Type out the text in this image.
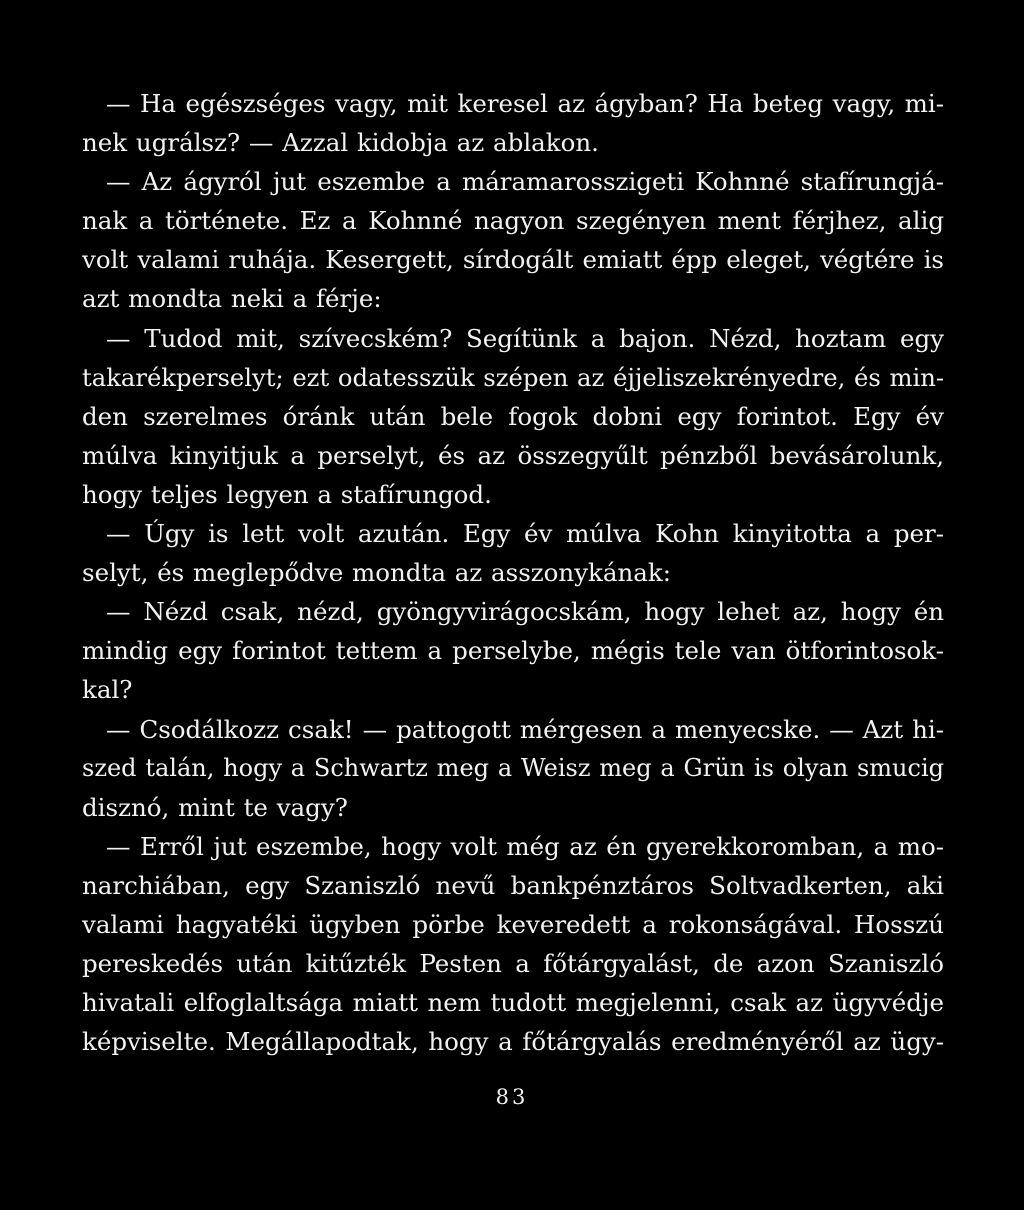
— Ha egészséges vagy, mit keresel az ágyban? Ha beteg vagy, mi-
nek ugrálsz? — Azzal kidobja az ablakon.
— Az ágyról jut eszembe a máramarosszigeti Kohnné stafírungjá-
nak a története. Ez a Kohnné nagyon szegényen ment férjhez, alig
volt valami ruhája. Kesergett, sírdogált emiatt épp eleget, végtére is
azt mondta neki a férje:
— Tudod mit, szívecském? Segítünk a bajon. Nézd, hoztam egy
takarékperselyt; ezt odatesszük szépen az éjjeliszekrényedre, és min-
den szerelmes óránk után bele fogok dobni egy forintot. Egy év
múlva kinyitjuk a perselyt, és az összegyűlt pénzből bevásárolunk,
hogy teljes legyen a stafírungod.
— Úgy is lett volt azután. Egy év múlva Kohn kinyitotta a per-
selyt, és meglepődve mondta az asszonykának:
— Nézd csak, nézd, gyöngyvirágocskám, hogy lehet az, hogy én
mindig egy forintot tettem a perselybe, mégis tele van ötforintosok-
kal?
— Csodálkozz csak! — pattogott mérgesen a menyecske. — Azt hi-
szed talán, hogy a Schwartz meg a Weisz meg a Grün is olyan smucig
disznó, mint te vagy?
— Erről jut eszembe, hogy volt még az én gyerekkoromban, a mo-
narchiában, egy Szaniszló nevű bankpénztáros Soltvadkerten, aki
valami hagyatéki ügyben pörbe keveredett a rokonságával. Hosszú
pereskedés után kitűzték Pesten a főtárgyalást, de azon Szaniszló
hivatali elfoglaltsága miatt nem tudott megjelenni, csak az ügyvédje
képviselte. Megállapodtak, hogy a főtárgyalás eredményéről az ügy-
83
